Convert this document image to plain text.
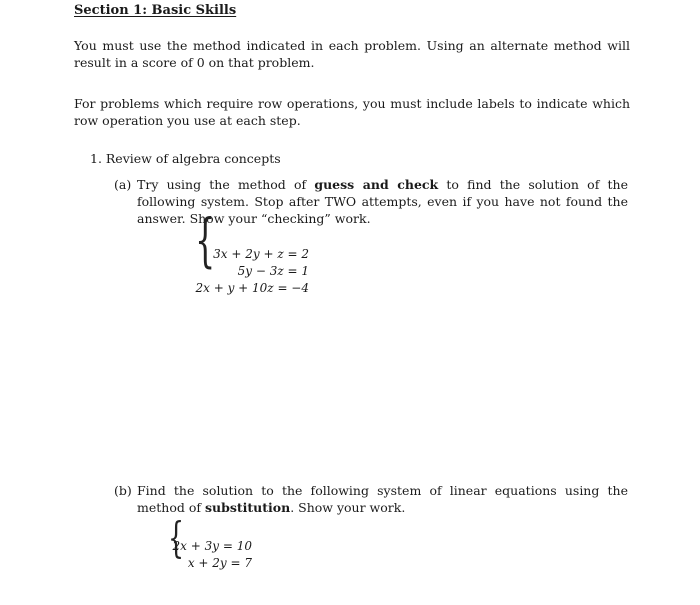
Section 1: Basic Skills

You must use the method indicated in each problem. Using an alternate method will result in a score of 0 on that problem.

For problems which require row operations, you must include labels to indicate which row operation you use at each step.

1. Review of algebra concepts

(a) Try using the method of guess and check to find the solution of the following system. Stop after TWO attempts, even if you have not found the answer. Show your “checking” work.
{
3x + 2y + z = 2
5y − 3z = 1
2x + y + 10z = −4
(b) Find the solution to the following system of linear equations using the method of substitution. Show your work.
{
2x + 3y = 10
x + 2y = 7
